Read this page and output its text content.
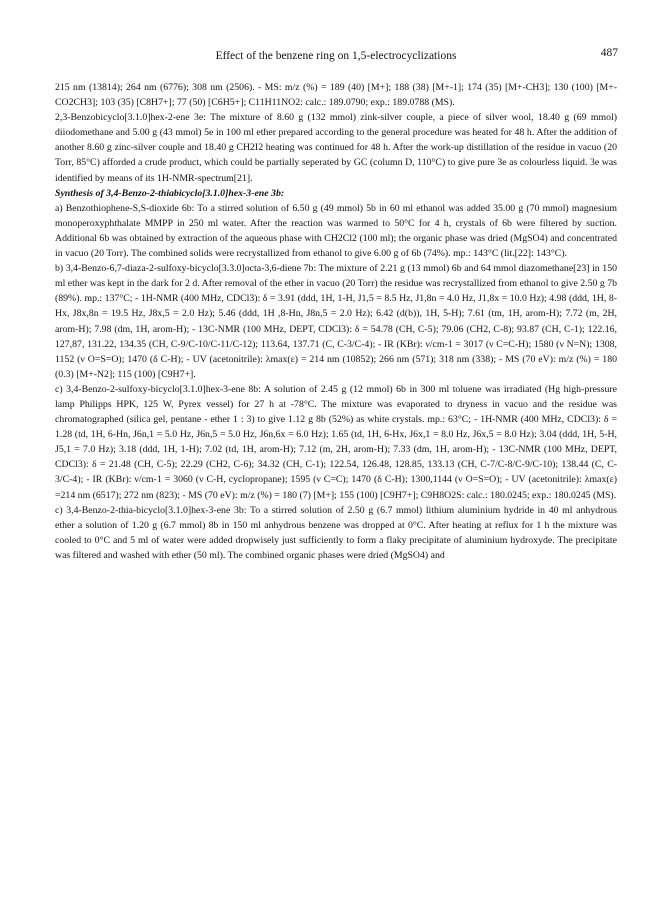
Effect of the benzene ring on 1,5-electrocyclizations	487

215 nm (13814); 264 nm (6776); 308 nm (2506). - MS: m/z (%) = 189 (40) [M+]; 188 (38) [M+-1]; 174 (35) [M+-CH3]; 130 (100) [M+-CO2CH3]; 103 (35) [C8H7+]; 77 (50) [C6H5+]; C11H11NO2: calc.: 189.0790; exp.: 189.0788 (MS).

2,3-Benzobicyclo[3.1.0]hex-2-ene 3e: The mixture of 8.60 g (132 mmol) zink-silver couple, a piece of silver wool, 18.40 g (69 mmol) diiodomethane and 5.00 g (43 mmol) 5e in 100 ml ether prepared according to the general procedure was heated for 48 h. After the addition of another 8.60 g zinc-silver couple and 18.40 g CH2I2 heating was continued for 48 h. After the work-up distillation of the residue in vacuo (20 Torr, 85°C) afforded a crude product, which could be partially seperated by GC (column D, 110°C) to give pure 3e as colourless liquid. 3e was identified by means of its 1H-NMR-spectrum[21].

Synthesis of 3,4-Benzo-2-thiabicyclo[3.1.0]hex-3-ene 3b:

a) Benzothiophene-S,S-dioxide 6b: To a stirred solution of 6.50 g (49 mmol) 5b in 60 ml ethanol was added 35.00 g (70 mmol) magnesium monoperoxyphthalate MMPP in 250 ml water. After the reaction was warmed to 50°C for 4 h, crystals of 6b were filtered by suction. Additional 6b was obtained by extraction of the aqueous phase with CH2Cl2 (100 ml); the organic phase was dried (MgSO4) and concentrated in vacuo (20 Torr). The combined solids were recrystallized from ethanol to give 6.00 g of 6b (74%). mp.: 143°C (lit.[22]: 143°C).

b) 3,4-Benzo-6,7-diaza-2-sulfoxy-bicyclo[3.3.0]octa-3,6-diene 7b: The mixture of 2.21 g (13 mmol) 6b and 64 mmol diazomethane[23] in 150 ml ether was kept in the dark for 2 d. After removal of the ether in vacuo (20 Torr) the residue was recrystallized from ethanol to give 2.50 g 7b (89%). mp.: 137°C; - 1H-NMR (400 MHz, CDCl3): δ = 3.91 (ddd, 1H, 1-H, J1,5 = 8.5 Hz, J1,8n = 4.0 Hz, J1,8x = 10.0 Hz); 4.98 (ddd, 1H, 8-Hx, J8x,8n = 19.5 Hz, J8x,5 = 2.0 Hz); 5.46 (ddd, 1H ,8-Hn, J8n,5 = 2.0 Hz); 6.42 (d(b)), 1H, 5-H); 7.61 (tm, 1H, arom-H); 7.72 (m, 2H, arom-H); 7.98 (dm, 1H, arom-H); - 13C-NMR (100 MHz, DEPT, CDCl3): δ = 54.78 (CH, C-5); 79.06 (CH2, C-8); 93.87 (CH, C-1); 122.16, 127,87, 131.22, 134.35 (CH, C-9/C-10/C-11/C-12); 113.64, 137.71 (C, C-3/C-4); - IR (KBr): ν/cm-1 = 3017 (ν C=C-H); 1580 (ν N=N); 1308, 1152 (ν O=S=O); 1470 (δ C-H); - UV (acetonitrile): λmax(ε) = 214 nm (10852); 266 nm (571); 318 nm (338); - MS (70 eV): m/z (%) = 180 (0.3) [M+-N2]; 115 (100) [C9H7+].

c) 3,4-Benzo-2-sulfoxy-bicyclo[3.1.0]hex-3-ene 8b: A solution of 2.45 g (12 mmol) 6b in 300 ml toluene was irradiated (Hg high-pressure lamp Philipps HPK, 125 W, Pyrex vessel) for 27 h at -78°C. The mixture was evaporated to dryness in vacuo and the residue was chromatographed (silica gel, pentane - ether 1 : 3) to give 1.12 g 8b (52%) as white crystals. mp.: 63°C; - 1H-NMR (400 MHz, CDCl3): δ = 1.28 (td, 1H, 6-Hn, J6n,1 = 5.0 Hz, J6n,5 = 5.0 Hz, J6n,6x = 6.0 Hz); 1.65 (td, 1H, 6-Hx, J6x,1 = 8.0 Hz, J6x,5 = 8.0 Hz); 3.04 (ddd, 1H, 5-H, J5,1 = 7.0 Hz); 3.18 (ddd, 1H, 1-H); 7.02 (td, 1H, arom-H); 7.12 (m, 2H, arom-H); 7.33 (dm, 1H, arom-H); - 13C-NMR (100 MHz, DEPT, CDCl3): δ = 21.48 (CH, C-5); 22.29 (CH2, C-6); 34.32 (CH, C-1); 122.54, 126.48, 128.85, 133.13 (CH, C-7/C-8/C-9/C-10); 138.44 (C, C-3/C-4); - IR (KBr): ν/cm-1 = 3060 (ν C-H, cyclopropane); 1595 (ν C=C); 1470 (δ C-H); 1300,1144 (ν O=S=O); - UV (acetonitrile): λmax(ε) =214 nm (6517); 272 nm (823); - MS (70 eV): m/z (%) = 180 (7) [M+]; 155 (100) [C9H7+]; C9H8O2S: calc.: 180.0245; exp.: 180.0245 (MS).

c) 3,4-Benzo-2-thia-bicyclo[3.1.0]hex-3-ene 3b: To a stirred solution of 2.50 g (6.7 mmol) lithium aluminium hydride in 40 ml anhydrous ether a solution of 1.20 g (6.7 mmol) 8b in 150 ml anhydrous benzene was dropped at 0°C. After heating at reflux for 1 h the mixture was cooled to 0°C and 5 ml of water were added dropwisely just sufficiently to form a flaky precipitate of aluminium hydroxyde. The precipitate was filtered and washed with ether (50 ml). The combined organic phases were dried (MgSO4) and
